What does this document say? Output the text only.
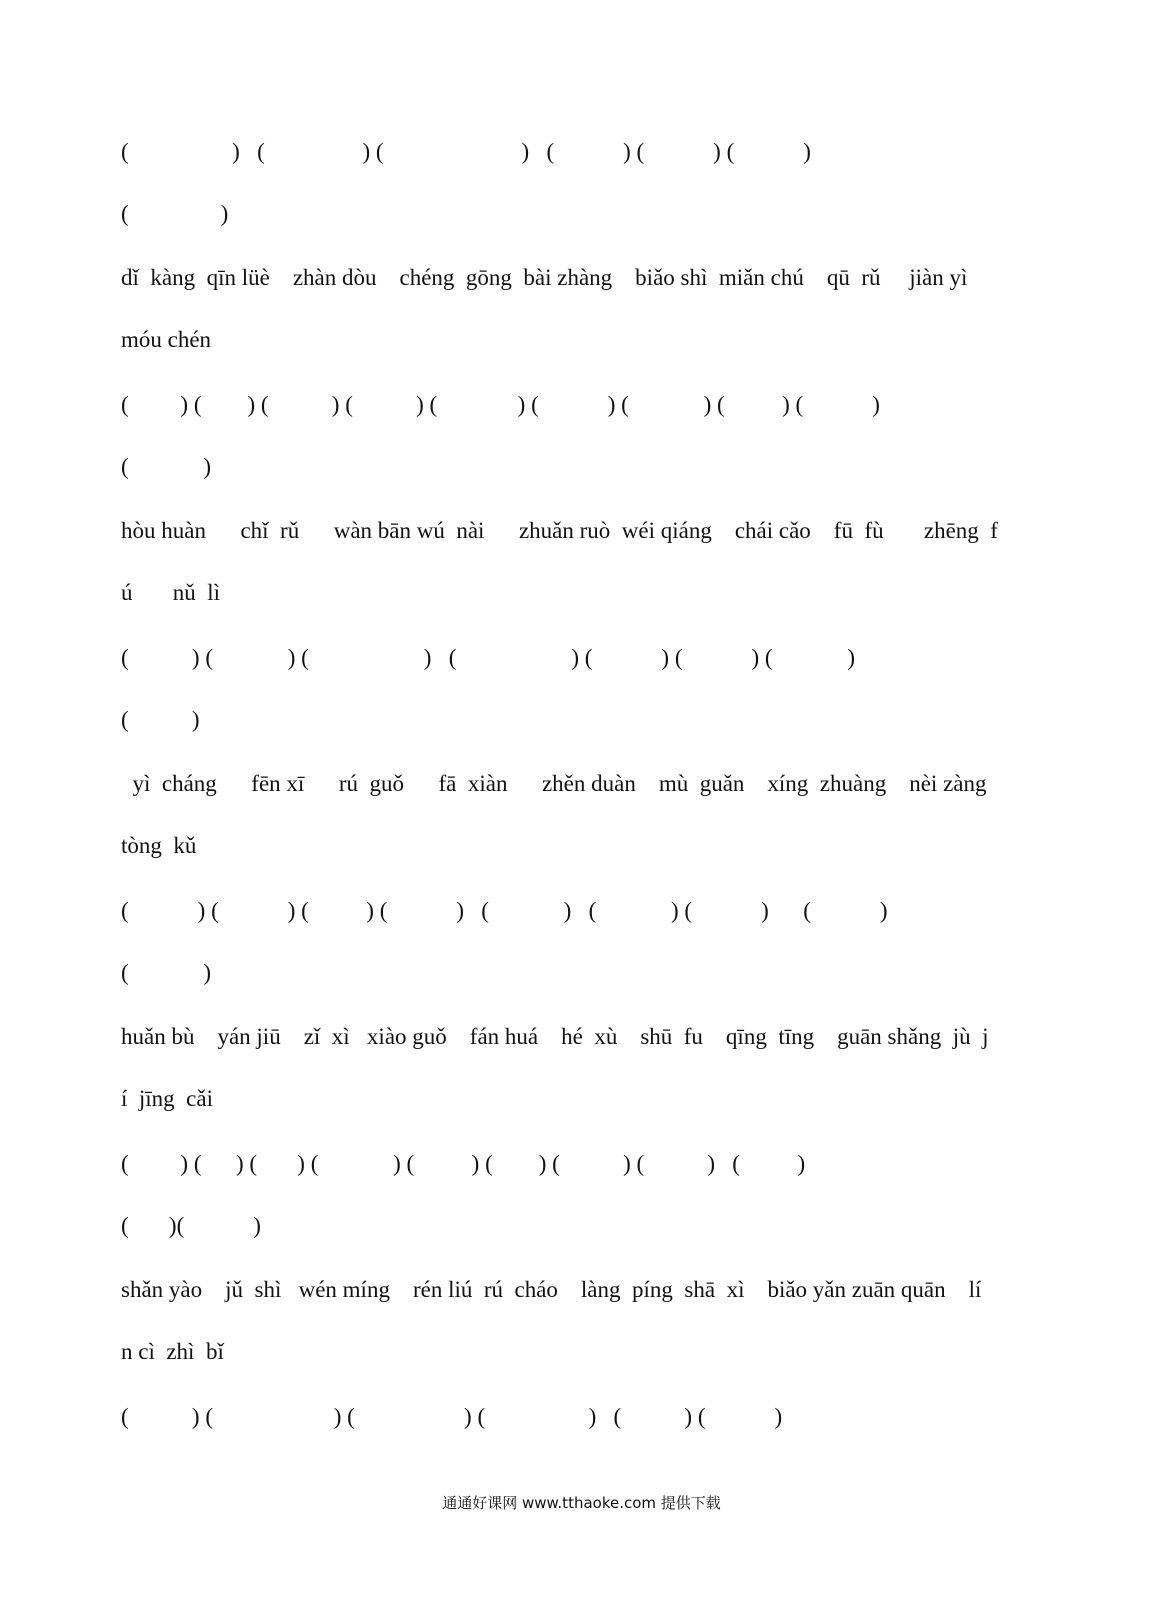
(                  )   (                 ) (                        )   (            ) (            ) (            )
(                )
dǐ  kàng  qīn lüè    zhàn dòu    chéng  gōng  bài zhàng    biǎo shì  miǎn chú    qū  rǔ     jiàn yì
móu chén
(         ) (        ) (           ) (           ) (              ) (            ) (             ) (          ) (            )
(             )
hòu huàn      chǐ  rǔ      wàn bān wú  nài      zhuǎn ruò  wéi qiáng    chái cǎo    fū  fù       zhēng  f
ú       nǔ  lì
(           ) (             ) (                    )   (                    ) (            ) (            ) (             )
(           )
yì  cháng      fēn xī      rú  guǒ      fā  xiàn      zhěn duàn    mù  guǎn    xíng  zhuàng    nèi zàng
tòng  kǔ
(            ) (            ) (          ) (            )   (             )   (             ) (            )      (            )
(             )
huǎn bù    yán jiū    zǐ  xì   xiào guǒ    fán huá    hé  xù    shū  fu    qīng  tīng    guān shǎng  jù  j
í  jīng  cǎi
(         ) (      ) (       ) (             ) (          ) (        ) (           ) (           )   (          )
(       )(            )
shǎn yào    jǔ  shì   wén míng    rén liú  rú  cháo    làng  píng  shā  xì    biǎo yǎn zuān quān    lí
n cì  zhì  bǐ
(           ) (                     ) (                   ) (                  )   (           ) (            )
通通好课网 www.tthaoke.com 提供下载
